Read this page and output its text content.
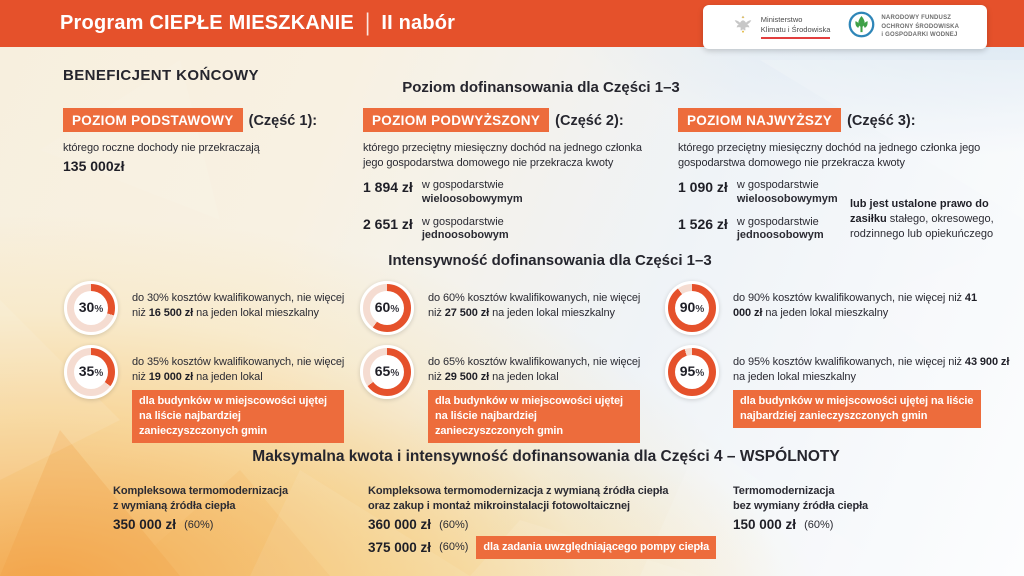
Program CIEPŁE MIESZKANIE | II nabór	Ministerstwo
Klimatu i Środowiska
NARODOWY FUNDUSZ
OCHRONY ŚRODOWISKA
i GOSPODARKI WODNEJ
BENEFICJENT KOŃCOWY
Poziom dofinansowania dla Części 1–3
POZIOM PODSTAWOWY (Część 1):
którego roczne dochody nie przekraczają
135 000zł
POZIOM PODWYŻSZONY (Część 2):
którego przeciętny miesięczny dochód na jednego członka jego gospodarstwa domowego nie przekracza kwoty
1 894 zł w gospodarstwie
wieloosobowymym
2 651 zł w gospodarstwie
jednoosobowym
POZIOM NAJWYŻSZY (Część 3):
którego przeciętny miesięczny dochód na jednego członka jego gospodarstwa domowego nie przekracza kwoty
1 090 zł w gospodarstwie
wieloosobowymym
1 526 zł w gospodarstwie
jednoosobowym
lub jest ustalone prawo do zasiłku stałego, okresowego, rodzinnego lub opiekuńczego
Intensywność dofinansowania dla Części 1–3
30%
do 30% kosztów kwalifikowanych, nie więcej niż 16 500 zł na jeden lokal mieszkalny
35%
do 35% kosztów kwalifikowanych, nie więcej niż 19 000 zł na jeden lokal dla budynków w miejscowości ujętej na liście najbardziej zanieczyszczonych gmin
60%
do 60% kosztów kwalifikowanych, nie więcej niż 27 500 zł na jeden lokal mieszkalny
65%
do 65% kosztów kwalifikowanych, nie więcej niż 29 500 zł na jeden lokal dla budynków w miejscowości ujętej na liście najbardziej zanieczyszczonych gmin
90%
do 90% kosztów kwalifikowanych, nie więcej niż 41 000 zł na jeden lokal mieszkalny
95%
do 95% kosztów kwalifikowanych, nie więcej niż 43 900 zł na jeden lokal mieszkalny dla budynków w miejscowości ujętej na liście najbardziej zanieczyszczonych gmin
Maksymalna kwota i intensywność dofinansowania dla Części 4 – WSPÓLNOTY
Kompleksowa termomodernizacja
z wymianą źródła ciepła
350 000 zł (60%)
Kompleksowa termomodernizacja z wymianą źródła ciepła
oraz zakup i montaż mikroinstalacji fotowoltaicznej
360 000 zł (60%)
375 000 zł (60%)	dla zadania uwzględniającego pompy ciepła
Termomodernizacja
bez wymiany źródła ciepła
150 000 zł (60%)
